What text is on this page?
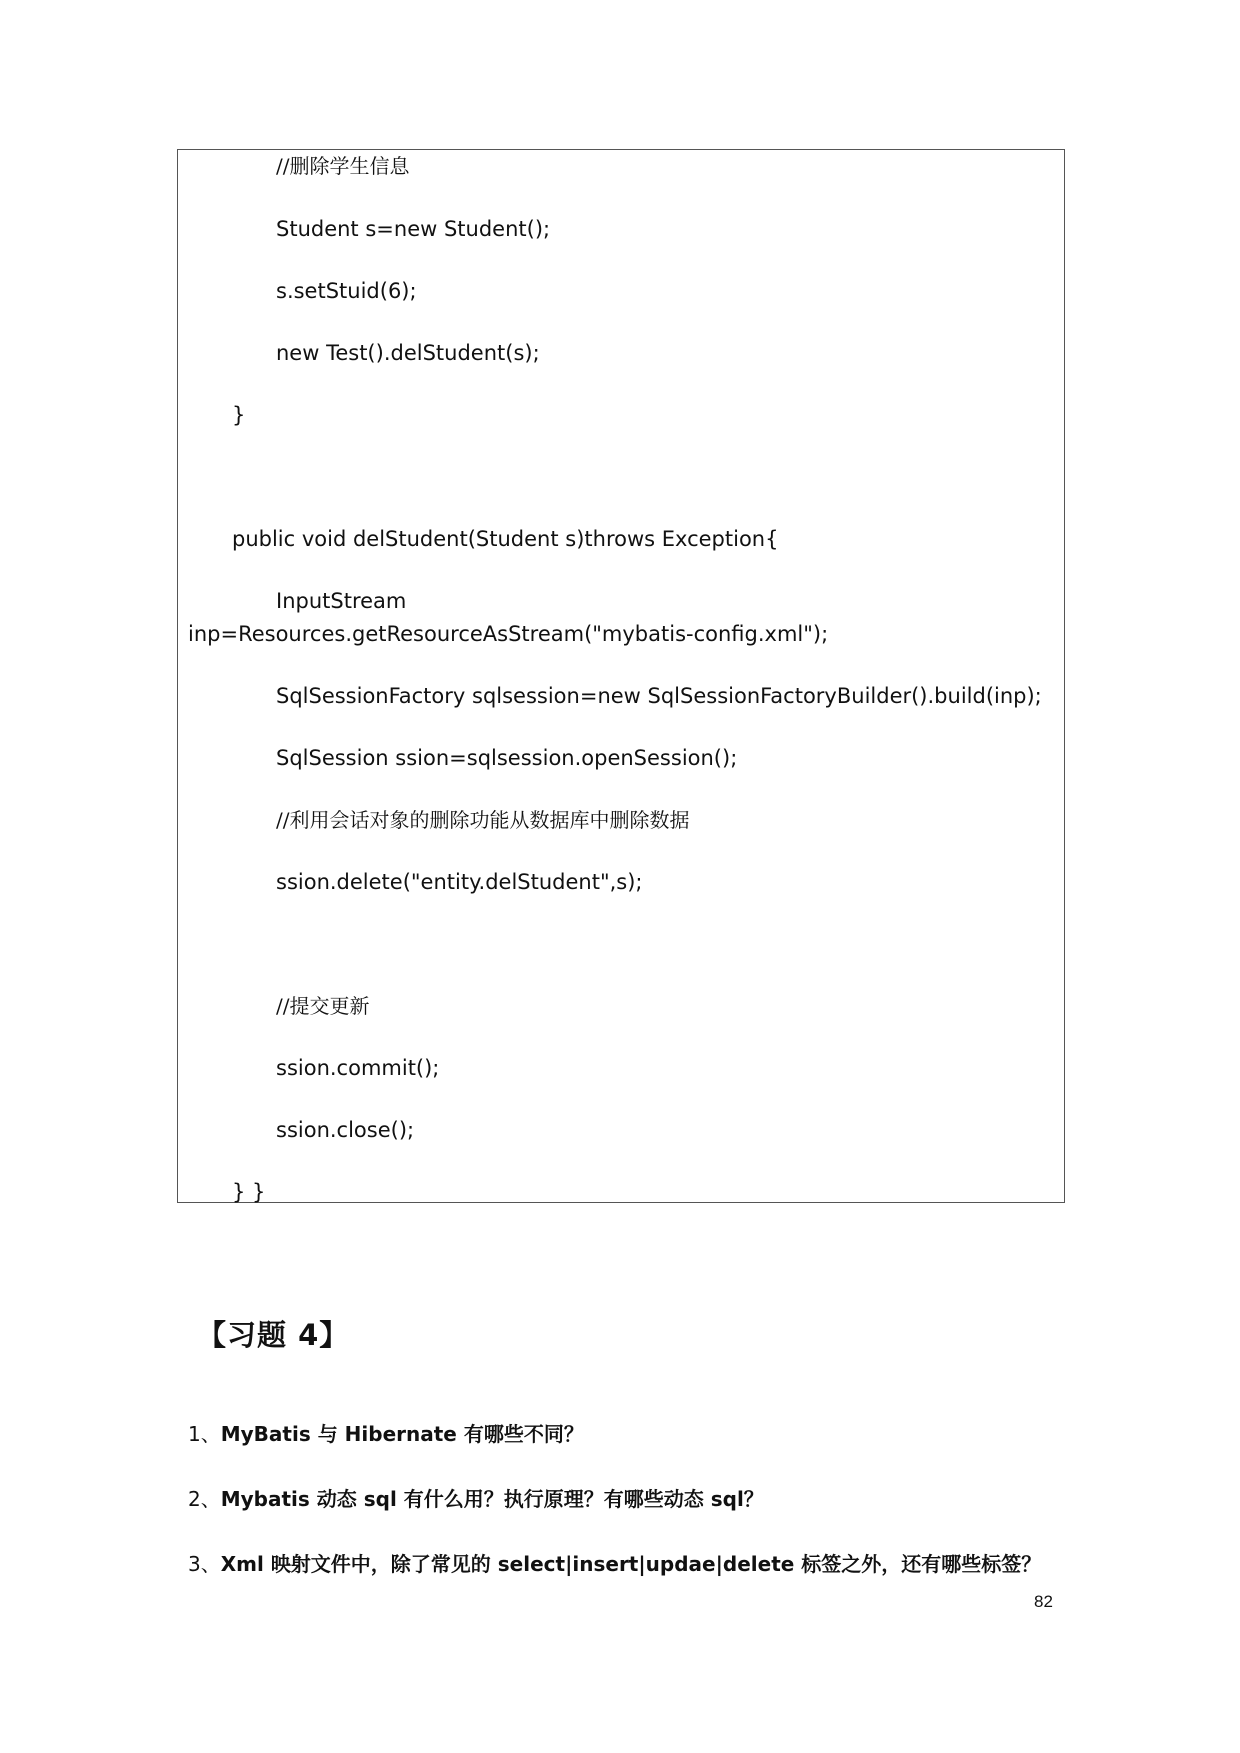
//删除学生信息
Student s=new Student();
s.setStuid(6);
new Test().delStudent(s);
}
public void delStudent(Student s)throws Exception{
InputStream
inp=Resources.getResourceAsStream("mybatis-config.xml");
SqlSessionFactory sqlsession=new SqlSessionFactoryBuilder().build(inp);
SqlSession ssion=sqlsession.openSession();
//利用会话对象的删除功能从数据库中删除数据
ssion.delete("entity.delStudent",s);
//提交更新
ssion.commit();
ssion.close();
} }
【习题 4】
1、MyBatis 与 Hibernate 有哪些不同？
2、Mybatis 动态 sql 有什么用？执行原理？有哪些动态 sql？
3、Xml 映射文件中，除了常见的 select|insert|updae|delete 标签之外，还有哪些标签？
82
